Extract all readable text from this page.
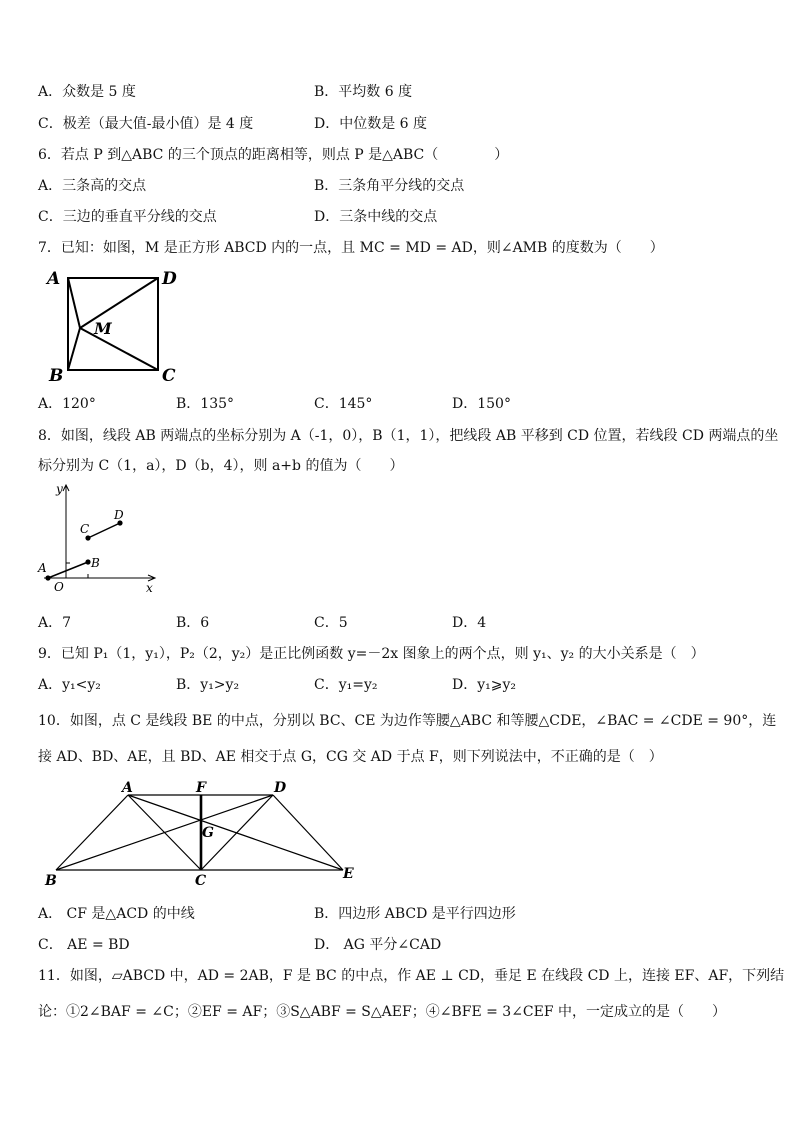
A．众数是 5 度	B．平均数 6 度
C．极差（最大值-最小值）是 4 度	D．中位数是 6 度
6．若点 P 到△ABC 的三个顶点的距离相等，则点 P 是△ABC（　　　　）
A．三条高的交点	B．三条角平分线的交点
C．三边的垂直平分线的交点	D．三条中线的交点
7．已知：如图，M 是正方形 ABCD 内的一点，且 MC = MD = AD，则∠AMB 的度数为（　　）
A	D
M
B	C
A．120°	B．135°	C．145°	D．150°
8．如图，线段 AB 两端点的坐标分别为 A（-1，0），B（1，1），把线段 AB 平移到 CD 位置，若线段 CD 两端点的坐
标分别为 C（1，a），D（b，4），则 a+b 的值为（　　）
y
x
O
A	B
C
D
A．7	B．6	C．5	D．4
9．已知 P₁（1，y₁），P₂（2，y₂）是正比例函数 y=－2x 图象上的两个点，则 y₁、y₂ 的大小关系是（　）
A．y₁<y₂	B．y₁>y₂	C．y₁=y₂	D．y₁⩾y₂
10．如图，点 C 是线段 BE 的中点，分别以 BC、CE 为边作等腰△ABC 和等腰△CDE，∠BAC = ∠CDE = 90°，连
接 AD、BD、AE，且 BD、AE 相交于点 G，CG 交 AD 于点 F，则下列说法中，不正确的是（　）
A	F	D
G
B	C	E
A． CF 是△ACD 的中线	B．四边形 ABCD 是平行四边形
C． AE = BD	D． AG 平分∠CAD
11．如图，▱ABCD 中，AD = 2AB，F 是 BC 的中点，作 AE ⊥ CD，垂足 E 在线段 CD 上，连接 EF、AF，下列结
论：①2∠BAF = ∠C；②EF = AF；③S△ABF = S△AEF；④∠BFE = 3∠CEF 中，一定成立的是（　　）
